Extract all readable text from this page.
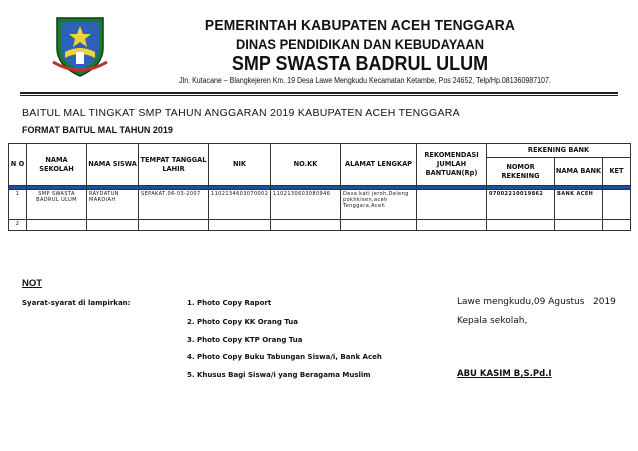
PEMERINTAH KABUPATEN ACEH TENGGARA
DINAS PENDIDIKAN DAN KEBUDAYAAN
SMP SWASTA BADRUL ULUM
Jln. Kutacane – Blangkejeren Km. 19 Desa Lawe Mengkudu Kecamatan Ketambe, Pos 24652, Telp/Hp.081360987107.
BAITUL MAL TINGKAT SMP TAHUN ANGGARAN 2019 KABUPATEN ACEH TENGGARA
FORMAT BAITUL MAL TAHUN 2019
N O	NAMA SEKOLAH	NAMA SISWA	TEMPAT TANGGAL LAHIR	NIK	NO.KK	ALAMAT LENGKAP	REKOMENDASI JUMLAH BANTUAN(Rp)	REKENING BANK		
								NOMOR REKENING	NAMA BANK	KET

1	SMP SWASTA BADRUL ULUM	RAYDATUN MARDIAH	SEPAKAT,06-03-2007	1102134603070002	1102130603080946	Desa kati jeroh,Deleng pokhkisen,aceh Tenggara,Aceh		07002210019862	BANK ACEH	
2										
NOT
Syarat-syarat di lampirkan:	1. Photo Copy Raport
2. Photo Copy KK Orang Tua
3. Photo Copy KTP Orang Tua
4. Photo Copy Buku Tabungan Siswa/i, Bank Aceh
5. Khusus Bagi Siswa/i yang Beragama Muslim
Lawe mengkudu,09 Agustus   2019
Kepala sekolah,
ABU KASIM B,S.Pd.I
